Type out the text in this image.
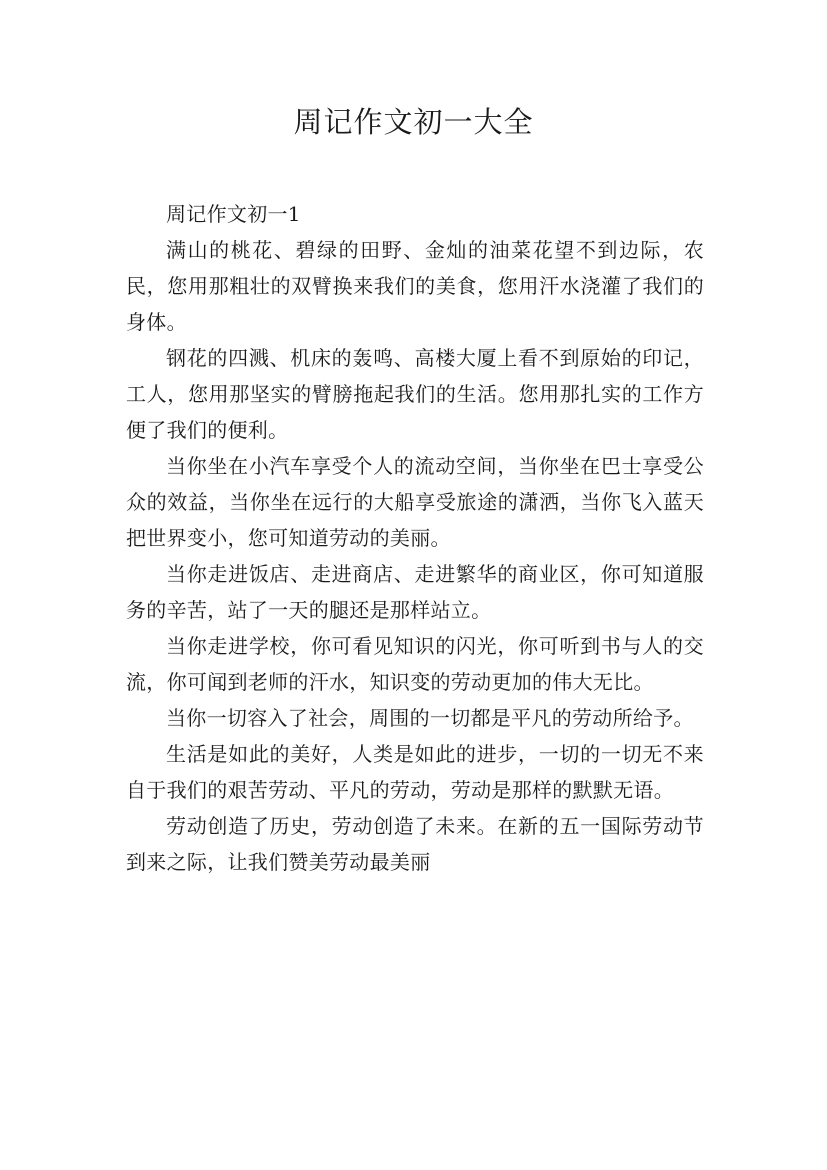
周记作文初一大全

周记作文初一1

满山的桃花、碧绿的田野、金灿的油菜花望不到边际，农民，您用那粗壮的双臂换来我们的美食，您用汗水浇灌了我们的身体。

钢花的四溅、机床的轰鸣、高楼大厦上看不到原始的印记，工人，您用那坚实的臂膀拖起我们的生活。您用那扎实的工作方便了我们的便利。

当你坐在小汽车享受个人的流动空间，当你坐在巴士享受公众的效益，当你坐在远行的大船享受旅途的潇洒，当你飞入蓝天把世界变小，您可知道劳动的美丽。

当你走进饭店、走进商店、走进繁华的商业区，你可知道服务的辛苦，站了一天的腿还是那样站立。

当你走进学校，你可看见知识的闪光，你可听到书与人的交流，你可闻到老师的汗水，知识变的劳动更加的伟大无比。

当你一切容入了社会，周围的一切都是平凡的劳动所给予。

生活是如此的美好，人类是如此的进步，一切的一切无不来自于我们的艰苦劳动、平凡的劳动，劳动是那样的默默无语。

劳动创造了历史，劳动创造了未来。在新的五一国际劳动节到来之际，让我们赞美劳动最美丽
